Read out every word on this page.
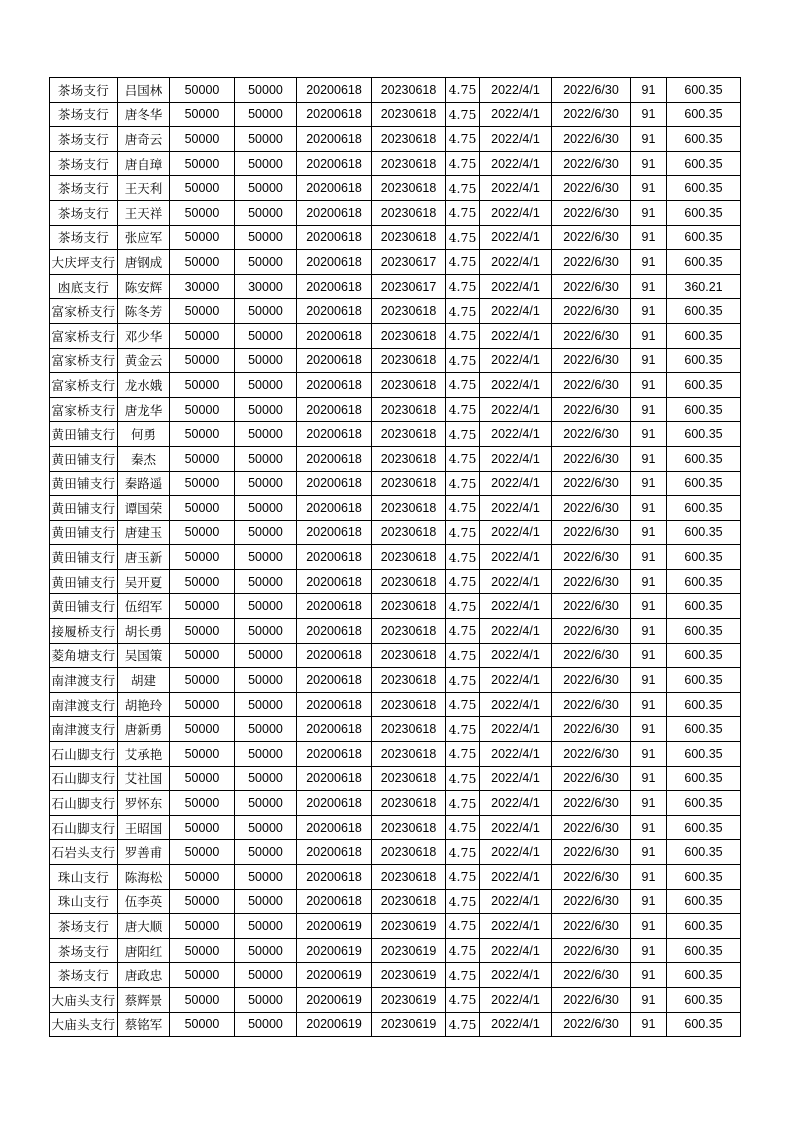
茶场支行	吕国林	50000	50000	20200618	20230618	4.75	2022/4/1	2022/6/30	91	600.35
茶场支行	唐冬华	50000	50000	20200618	20230618	4.75	2022/4/1	2022/6/30	91	600.35
茶场支行	唐奇云	50000	50000	20200618	20230618	4.75	2022/4/1	2022/6/30	91	600.35
茶场支行	唐自璋	50000	50000	20200618	20230618	4.75	2022/4/1	2022/6/30	91	600.35
茶场支行	王天利	50000	50000	20200618	20230618	4.75	2022/4/1	2022/6/30	91	600.35
茶场支行	王天祥	50000	50000	20200618	20230618	4.75	2022/4/1	2022/6/30	91	600.35
茶场支行	张应军	50000	50000	20200618	20230618	4.75	2022/4/1	2022/6/30	91	600.35
大庆坪支行	唐钢成	50000	50000	20200618	20230617	4.75	2022/4/1	2022/6/30	91	600.35
凼底支行	陈安辉	30000	30000	20200618	20230617	4.75	2022/4/1	2022/6/30	91	360.21
富家桥支行	陈冬芳	50000	50000	20200618	20230618	4.75	2022/4/1	2022/6/30	91	600.35
富家桥支行	邓少华	50000	50000	20200618	20230618	4.75	2022/4/1	2022/6/30	91	600.35
富家桥支行	黄金云	50000	50000	20200618	20230618	4.75	2022/4/1	2022/6/30	91	600.35
富家桥支行	龙水娥	50000	50000	20200618	20230618	4.75	2022/4/1	2022/6/30	91	600.35
富家桥支行	唐龙华	50000	50000	20200618	20230618	4.75	2022/4/1	2022/6/30	91	600.35
黄田铺支行	何勇	50000	50000	20200618	20230618	4.75	2022/4/1	2022/6/30	91	600.35
黄田铺支行	秦杰	50000	50000	20200618	20230618	4.75	2022/4/1	2022/6/30	91	600.35
黄田铺支行	秦路遥	50000	50000	20200618	20230618	4.75	2022/4/1	2022/6/30	91	600.35
黄田铺支行	谭国荣	50000	50000	20200618	20230618	4.75	2022/4/1	2022/6/30	91	600.35
黄田铺支行	唐建玉	50000	50000	20200618	20230618	4.75	2022/4/1	2022/6/30	91	600.35
黄田铺支行	唐玉新	50000	50000	20200618	20230618	4.75	2022/4/1	2022/6/30	91	600.35
黄田铺支行	吴开夏	50000	50000	20200618	20230618	4.75	2022/4/1	2022/6/30	91	600.35
黄田铺支行	伍绍军	50000	50000	20200618	20230618	4.75	2022/4/1	2022/6/30	91	600.35
接履桥支行	胡长勇	50000	50000	20200618	20230618	4.75	2022/4/1	2022/6/30	91	600.35
菱角塘支行	吴国策	50000	50000	20200618	20230618	4.75	2022/4/1	2022/6/30	91	600.35
南津渡支行	胡建	50000	50000	20200618	20230618	4.75	2022/4/1	2022/6/30	91	600.35
南津渡支行	胡艳玲	50000	50000	20200618	20230618	4.75	2022/4/1	2022/6/30	91	600.35
南津渡支行	唐新勇	50000	50000	20200618	20230618	4.75	2022/4/1	2022/6/30	91	600.35
石山脚支行	艾承艳	50000	50000	20200618	20230618	4.75	2022/4/1	2022/6/30	91	600.35
石山脚支行	艾社国	50000	50000	20200618	20230618	4.75	2022/4/1	2022/6/30	91	600.35
石山脚支行	罗怀东	50000	50000	20200618	20230618	4.75	2022/4/1	2022/6/30	91	600.35
石山脚支行	王昭国	50000	50000	20200618	20230618	4.75	2022/4/1	2022/6/30	91	600.35
石岩头支行	罗善甫	50000	50000	20200618	20230618	4.75	2022/4/1	2022/6/30	91	600.35
珠山支行	陈海松	50000	50000	20200618	20230618	4.75	2022/4/1	2022/6/30	91	600.35
珠山支行	伍李英	50000	50000	20200618	20230618	4.75	2022/4/1	2022/6/30	91	600.35
茶场支行	唐大顺	50000	50000	20200619	20230619	4.75	2022/4/1	2022/6/30	91	600.35
茶场支行	唐阳红	50000	50000	20200619	20230619	4.75	2022/4/1	2022/6/30	91	600.35
茶场支行	唐政忠	50000	50000	20200619	20230619	4.75	2022/4/1	2022/6/30	91	600.35
大庙头支行	蔡辉景	50000	50000	20200619	20230619	4.75	2022/4/1	2022/6/30	91	600.35
大庙头支行	蔡铭军	50000	50000	20200619	20230619	4.75	2022/4/1	2022/6/30	91	600.35
